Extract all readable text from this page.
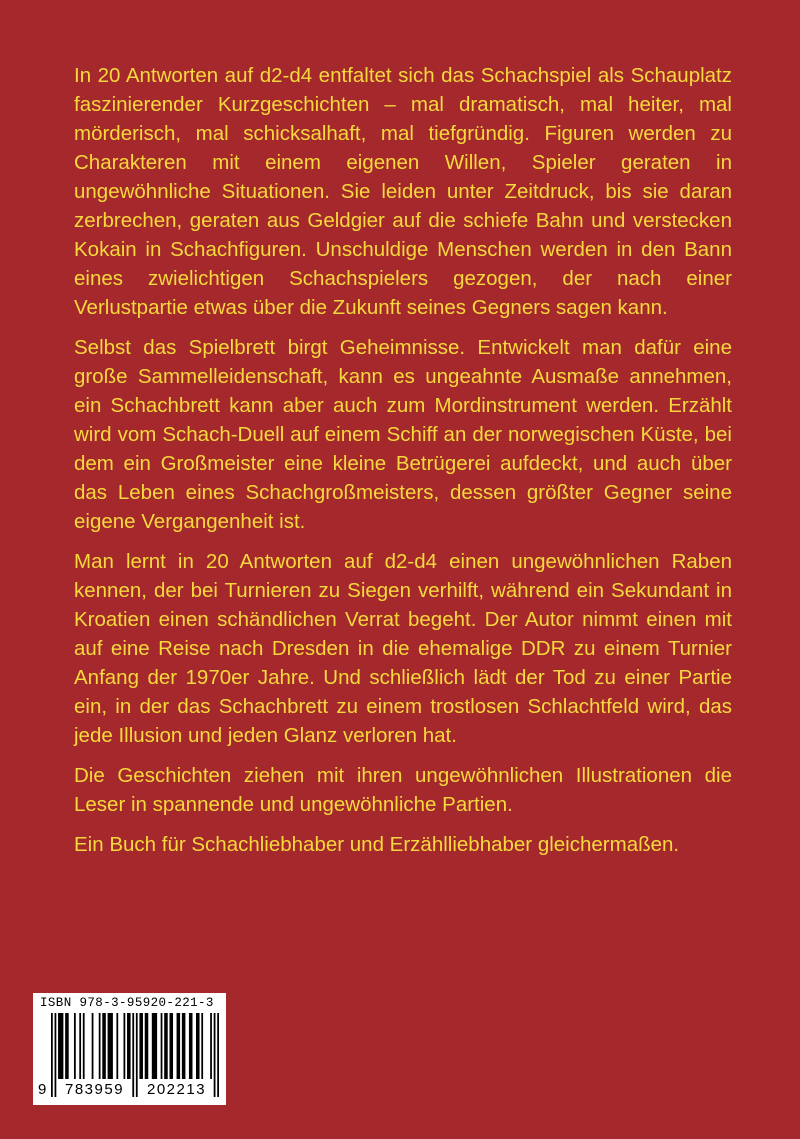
In 20 Antworten auf d2-d4 entfaltet sich das Schachspiel als Schauplatz faszinierender Kurzgeschichten – mal dramatisch, mal heiter, mal mörderisch, mal schicksalhaft, mal tiefgründig. Figuren werden zu Charakteren mit einem eigenen Willen, Spieler geraten in ungewöhnliche Situationen. Sie leiden unter Zeitdruck, bis sie daran zerbrechen, geraten aus Geldgier auf die schiefe Bahn und verstecken Kokain in Schachfiguren. Unschuldige Menschen werden in den Bann eines zwielichtigen Schachspielers gezogen, der nach einer Verlustpartie etwas über die Zukunft seines Gegners sagen kann.

Selbst das Spielbrett birgt Geheimnisse. Entwickelt man dafür eine große Sammelleidenschaft, kann es ungeahnte Ausmaße annehmen, ein Schachbrett kann aber auch zum Mordinstrument werden. Erzählt wird vom Schach-Duell auf einem Schiff an der norwegischen Küste, bei dem ein Großmeister eine kleine Betrügerei aufdeckt, und auch über das Leben eines Schachgroßmeisters, dessen größter Gegner seine eigene Vergangenheit ist.

Man lernt in 20 Antworten auf d2-d4 einen ungewöhnlichen Raben kennen, der bei Turnieren zu Siegen verhilft, während ein Sekundant in Kroatien einen schändlichen Verrat begeht. Der Autor nimmt einen mit auf eine Reise nach Dresden in die ehemalige DDR zu einem Turnier Anfang der 1970er Jahre. Und schließlich lädt der Tod zu einer Partie ein, in der das Schachbrett zu einem trostlosen Schlachtfeld wird, das jede Illusion und jeden Glanz verloren hat.

Die Geschichten ziehen mit ihren ungewöhnlichen Illustrationen die Leser in spannende und ungewöhnliche Partien.

Ein Buch für Schachliebhaber und Erzählliebhaber gleichermaßen.

ISBN 978-3-95920-221-3
9 783959 202213
